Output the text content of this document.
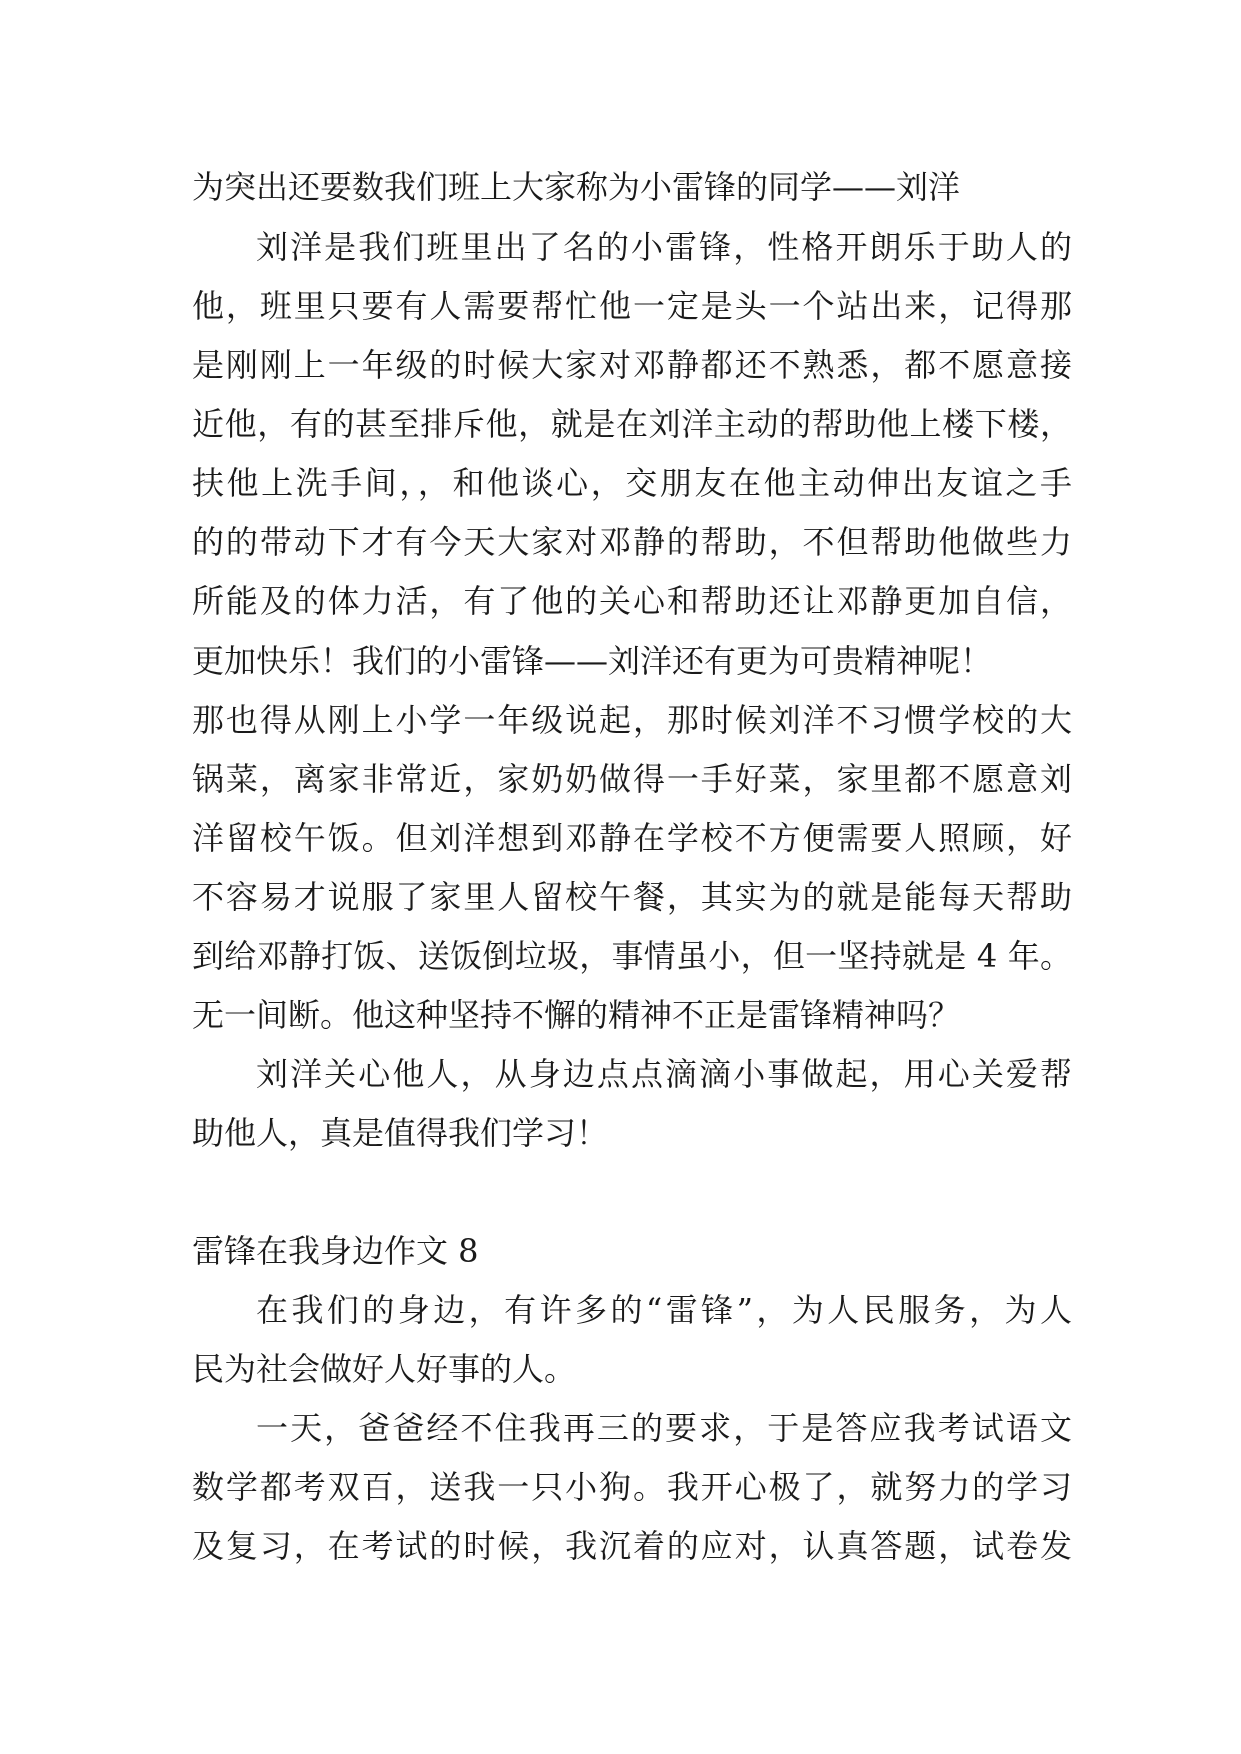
为突出还要数我们班上大家称为小雷锋的同学——刘洋
刘洋是我们班里出了名的小雷锋，性格开朗乐于助人的
他，班里只要有人需要帮忙他一定是头一个站出来，记得那
是刚刚上一年级的时候大家对邓静都还不熟悉，都不愿意接
近他，有的甚至排斥他，就是在刘洋主动的帮助他上楼下楼，
扶他上洗手间，，和他谈心，交朋友在他主动伸出友谊之手
的的带动下才有今天大家对邓静的帮助，不但帮助他做些力
所能及的体力活，有了他的关心和帮助还让邓静更加自信，
更加快乐！我们的小雷锋——刘洋还有更为可贵精神呢！
那也得从刚上小学一年级说起，那时候刘洋不习惯学校的大
锅菜，离家非常近，家奶奶做得一手好菜，家里都不愿意刘
洋留校午饭。但刘洋想到邓静在学校不方便需要人照顾，好
不容易才说服了家里人留校午餐，其实为的就是能每天帮助
到给邓静打饭、送饭倒垃圾，事情虽小，但一坚持就是 4 年。
无一间断。他这种坚持不懈的精神不正是雷锋精神吗？
刘洋关心他人，从身边点点滴滴小事做起，用心关爱帮
助他人，真是值得我们学习！
雷锋在我身边作文 8
在我们的身边，有许多的“雷锋”，为人民服务，为人
民为社会做好人好事的人。
一天，爸爸经不住我再三的要求，于是答应我考试语文
数学都考双百，送我一只小狗。我开心极了，就努力的学习
及复习，在考试的时候，我沉着的应对，认真答题，试卷发
